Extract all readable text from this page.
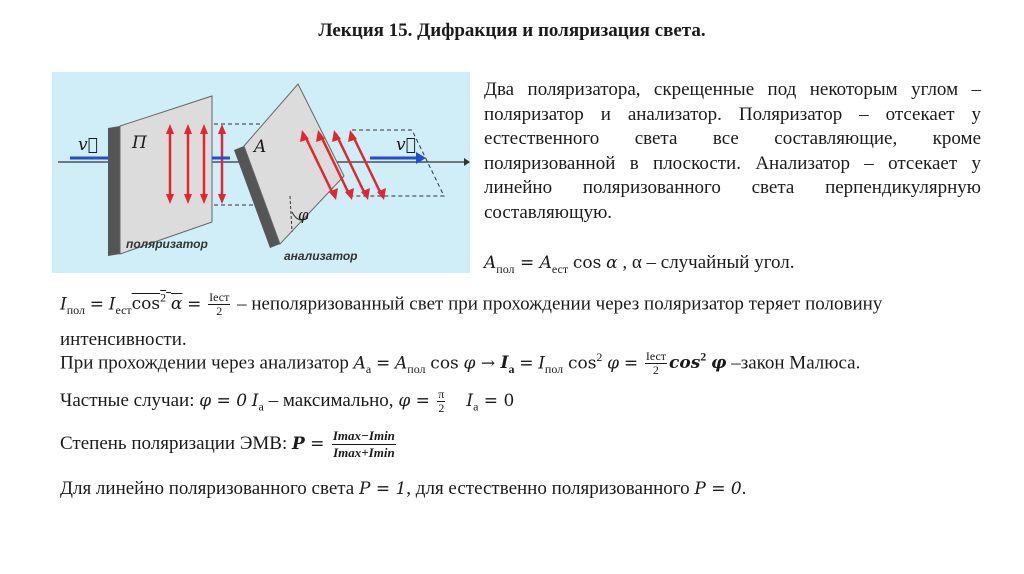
Лекция 15. Дифракция и поляризация света.
v⃗	v⃗
П	A
φ
поляризатор
анализатор
Два поляризатора, скрещенные под некоторым углом – поляризатор и анализатор. Поляризатор – отсекает у естественного света все составляющие, кроме поляризованной в плоскости. Анализатор – отсекает у линейно поляризованного света перпендикулярную составляющую.
$A_{пол} = A_{ест}$ cos α , α – случайный угол.
$I_{пол} = I_{ест}\cos^2$ $\alpha = \frac{\text{Iест}}{2}$ – неполяризованный свет при прохождении через поляризатор теряет половину интенсивности.
При прохождении через анализатор $A_a = A_{пол}$ $\cos \varphi \to I_a = I_{пол}$ $\cos^2 \varphi = \frac{\text{Iест}}{2} \cos^2 \varphi$ –закон Малюса.
Частные случаи: φ = 0 $I_a$ – максимально, $\varphi = \frac{\pi}{2} I_a = 0$
Степень поляризации ЭМВ: $P = \frac{Imax-Imin}{Imax+Imin}$
Для линейно поляризованного света P = 1, для естественно поляризованного P = 0.
